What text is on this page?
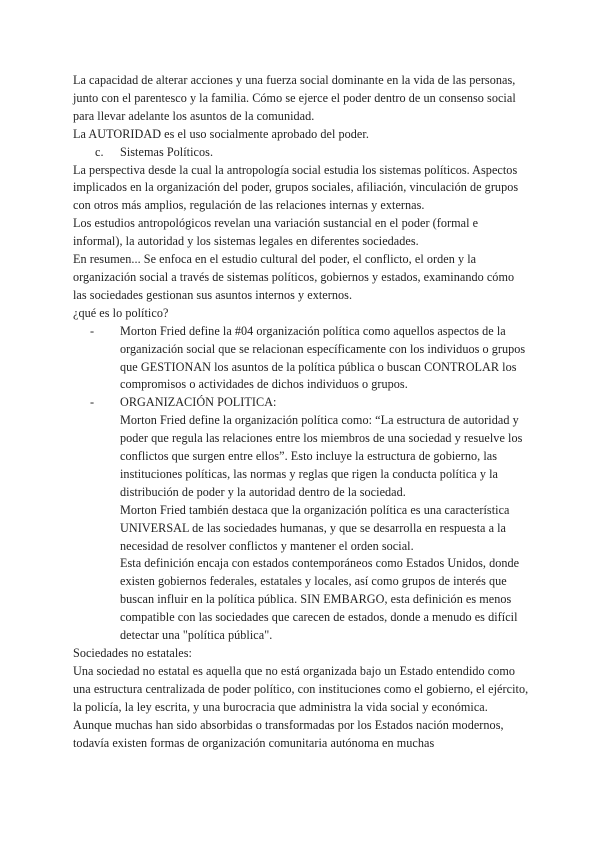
La capacidad de alterar acciones y una fuerza social dominante en la vida de las personas, junto con el parentesco y la familia. Cómo se ejerce el poder dentro de un consenso social para llevar adelante los asuntos de la comunidad.

La AUTORIDAD es el uso socialmente aprobado del poder.

c. Sistemas Políticos.

La perspectiva desde la cual la antropología social estudia los sistemas políticos. Aspectos implicados en la organización del poder, grupos sociales, afiliación, vinculación de grupos con otros más amplios, regulación de las relaciones internas y externas.

Los estudios antropológicos revelan una variación sustancial en el poder (formal e informal), la autoridad y los sistemas legales en diferentes sociedades.

En resumen... Se enfoca en el estudio cultural del poder, el conflicto, el orden y la organización social a través de sistemas políticos, gobiernos y estados, examinando cómo las sociedades gestionan sus asuntos internos y externos.

¿qué es lo político?

- Morton Fried define la #04 organización política como aquellos aspectos de la organización social que se relacionan específicamente con los individuos o grupos que GESTIONAN los asuntos de la política pública o buscan CONTROLAR los compromisos o actividades de dichos individuos o grupos.
- ORGANIZACIÓN POLITICA:

Morton Fried define la organización política como: “La estructura de autoridad y poder que regula las relaciones entre los miembros de una sociedad y resuelve los conflictos que surgen entre ellos”. Esto incluye la estructura de gobierno, las instituciones políticas, las normas y reglas que rigen la conducta política y la distribución de poder y la autoridad dentro de la sociedad.

Morton Fried también destaca que la organización política es una característica UNIVERSAL de las sociedades humanas, y que se desarrolla en respuesta a la necesidad de resolver conflictos y mantener el orden social.

Esta definición encaja con estados contemporáneos como Estados Unidos, donde existen gobiernos federales, estatales y locales, así como grupos de interés que buscan influir en la política pública. SIN EMBARGO, esta definición es menos compatible con las sociedades que carecen de estados, donde a menudo es difícil detectar una "política pública".

Sociedades no estatales:

Una sociedad no estatal es aquella que no está organizada bajo un Estado entendido como una estructura centralizada de poder político, con instituciones como el gobierno, el ejército, la policía, la ley escrita, y una burocracia que administra la vida social y económica.

Aunque muchas han sido absorbidas o transformadas por los Estados nación modernos, todavía existen formas de organización comunitaria autónoma en muchas
